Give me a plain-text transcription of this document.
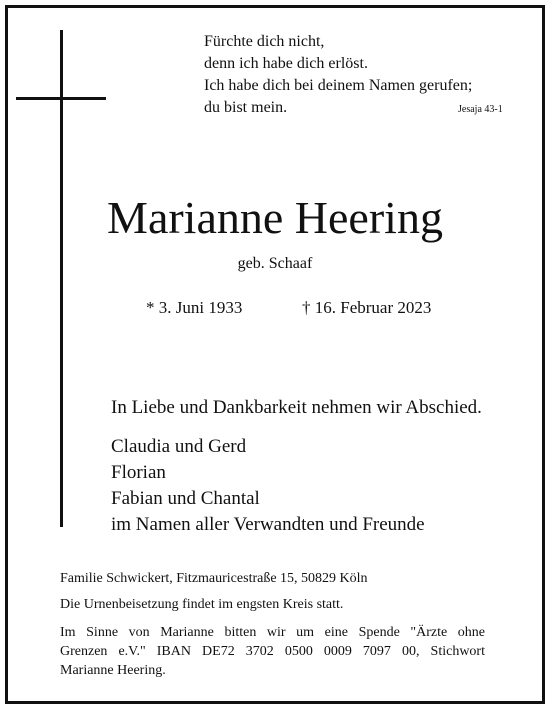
Fürchte dich nicht,
denn ich habe dich erlöst.
Ich habe dich bei deinem Namen gerufen;
du bist mein.	Jesaja 43-1
Marianne Heering
geb. Schaaf
* 3. Juni 1933	† 16. Februar 2023
In Liebe und Dankbarkeit nehmen wir Abschied.
Claudia und Gerd
Florian
Fabian und Chantal
im Namen aller Verwandten und Freunde
Familie Schwickert, Fitzmauricestraße 15, 50829 Köln
Die Urnenbeisetzung findet im engsten Kreis statt.
Im Sinne von Marianne bitten wir um eine Spende "Ärzte ohne
Grenzen e.V." IBAN DE72 3702 0500 0009 7097 00, Stichwort
Marianne Heering.
